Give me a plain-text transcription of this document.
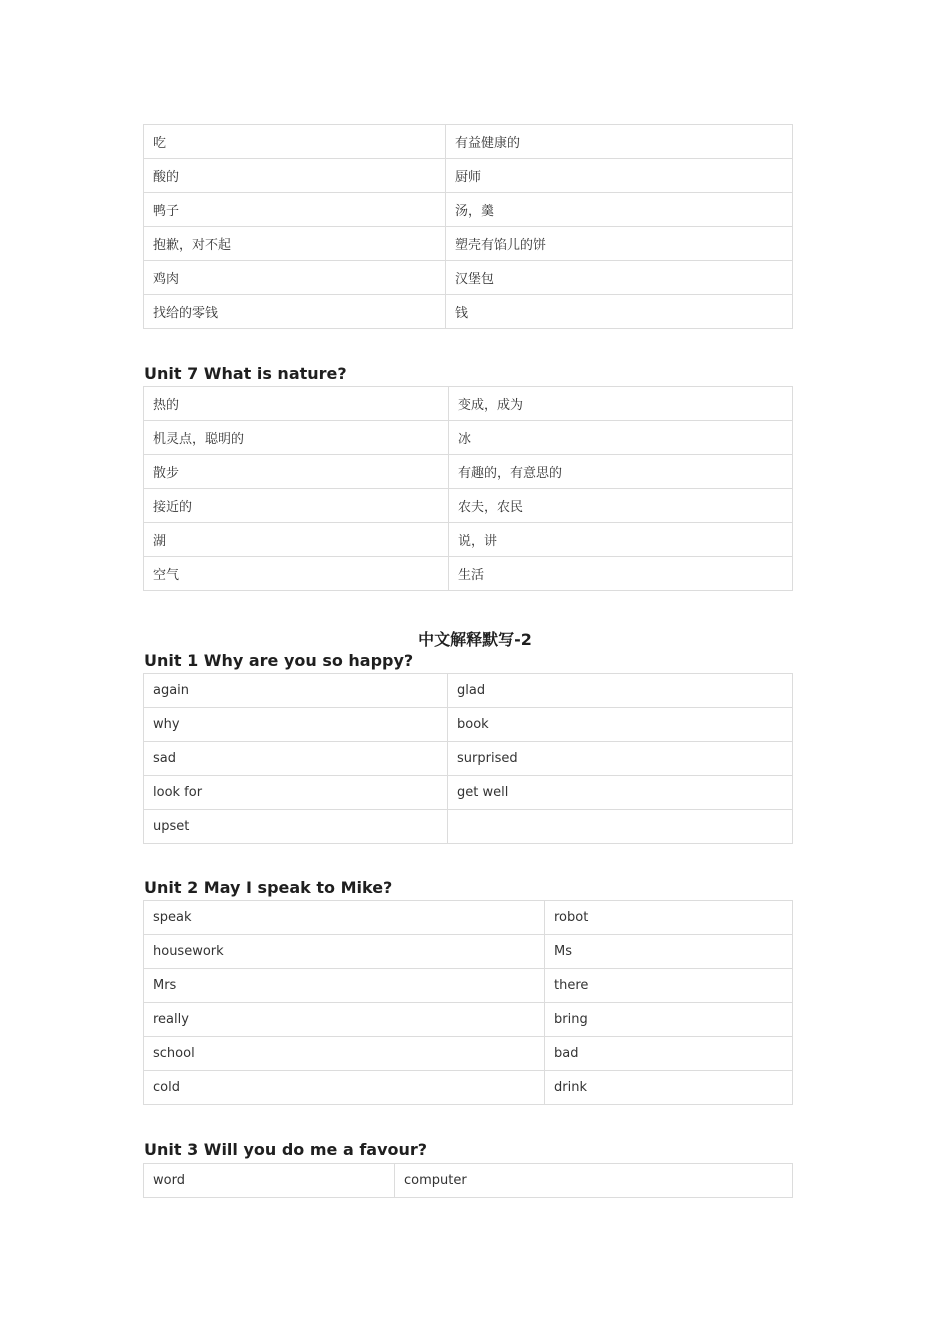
吃	有益健康的
酸的	厨师
鸭子	汤，羹
抱歉，对不起	塑壳有馅儿的饼
鸡肉	汉堡包
找给的零钱	钱
Unit 7 What is nature?
热的	变成，成为
机灵点，聪明的	冰
散步	有趣的，有意思的
接近的	农夫，农民
湖	说，讲
空气	生活
中文解释默写-2
Unit 1 Why are you so happy?
again	glad
why	book
sad	surprised
look for	get well
upset	
Unit 2 May I speak to Mike?
speak	robot
housework	Ms
Mrs	there
really	bring
school	bad
cold	drink
Unit 3 Will you do me a favour?
word	computer
